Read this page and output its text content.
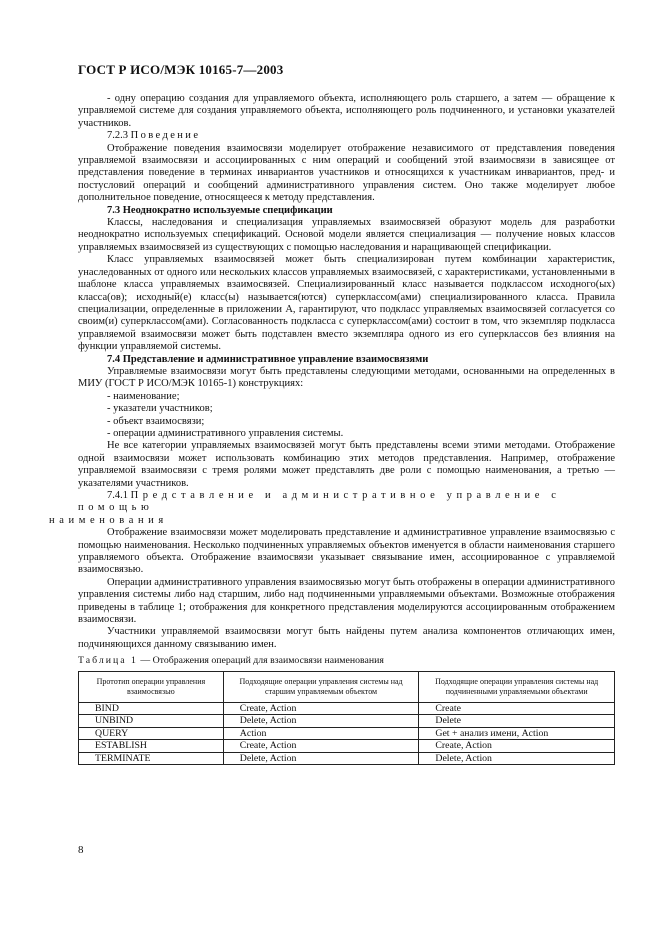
ГОСТ Р ИСО/МЭК 10165-7—2003

- одну операцию создания для управляемого объекта, исполняющего роль старшего, а затем — обращение к управляемой системе для создания управляемого объекта, исполняющего роль подчиненного, и установки указателей участников.

7.2.3 Поведение

Отображение поведения взаимосвязи моделирует отображение независимого от представления поведения управляемой взаимосвязи и ассоциированных с ним операций и сообщений этой взаимосвязи в зависящее от представления поведение в терминах инвариантов участников и относящихся к участникам инвариантов, пред- и постусловий операций и сообщений административного управления систем. Оно также моделирует любое дополнительное поведение, относящееся к методу представления.

7.3 Неоднократно используемые спецификации

Классы, наследования и специализация управляемых взаимосвязей образуют модель для разработки неоднократно используемых спецификаций. Основой модели является специализация — получение новых классов управляемых взаимосвязей из существующих с помощью наследования и наращивающей спецификации.

Класс управляемых взаимосвязей может быть специализирован путем комбинации характеристик, унаследованных от одного или нескольких классов управляемых взаимосвязей, с характеристиками, установленными в шаблоне класса управляемых взаимосвязей. Специализированный класс называется подклассом исходного(ых) класса(ов); исходный(е) класс(ы) называется(ются) суперклассом(ами) специализированного класса. Правила специализации, определенные в приложении А, гарантируют, что подкласс управляемых взаимосвязей согласуется со своим(и) суперклассом(ами). Согласованность подкласса с суперклассом(ами) состоит в том, что экземпляр подкласса управляемой взаимосвязи может быть подставлен вместо экземпляра одного из его суперклассов без влияния на функции управляемой системы.

7.4 Представление и административное управление взаимосвязями

Управляемые взаимосвязи могут быть представлены следующими методами, основанными на определенных в МИУ (ГОСТ Р ИСО/МЭК 10165-1) конструкциях:

- наименование;

- указатели участников;

- объект взаимосвязи;

- операции административного управления системы.

Не все категории управляемых взаимосвязей могут быть представлены всеми этими методами. Отображение одной взаимосвязи может использовать комбинацию этих методов представления. Например, отображение управляемой взаимосвязи с тремя ролями может представлять две роли с помощью наименования, а третью — указателями участников.

7.4.1 Представление и административное управление с помощью
наименования

Отображение взаимосвязи может моделировать представление и административное управление взаимосвязью с помощью наименования. Несколько подчиненных управляемых объектов именуется в области наименования старшего управляемого объекта. Отображение взаимосвязи указывает связывание имен, ассоциированное с управляемой взаимосвязью.

Операции административного управления взаимосвязью могут быть отображены в операции административного управления системы либо над старшим, либо над подчиненными управляемыми объектами. Возможные отображения приведены в таблице 1; отображения для конкретного представления моделируются ассоциированным отображением взаимосвязи.

Участники управляемой взаимосвязи могут быть найдены путем анализа компонентов отличающих имен, подчиняющихся данному связыванию имен.

Таблица 1 — Отображения операций для взаимосвязи наименования

Прототип операции управления взаимосвязью	Подходящие операции управления системы над старшим управляемым объектом	Подходящие операции управления системы над подчиненными управляемыми объектами
BIND	Create, Action	Create
UNBIND	Delete, Action	Delete
QUERY	Action	Get + анализ имени, Action
ESTABLISH	Create, Action	Create, Action
TERMINATE	Delete, Action	Delete, Action
8
